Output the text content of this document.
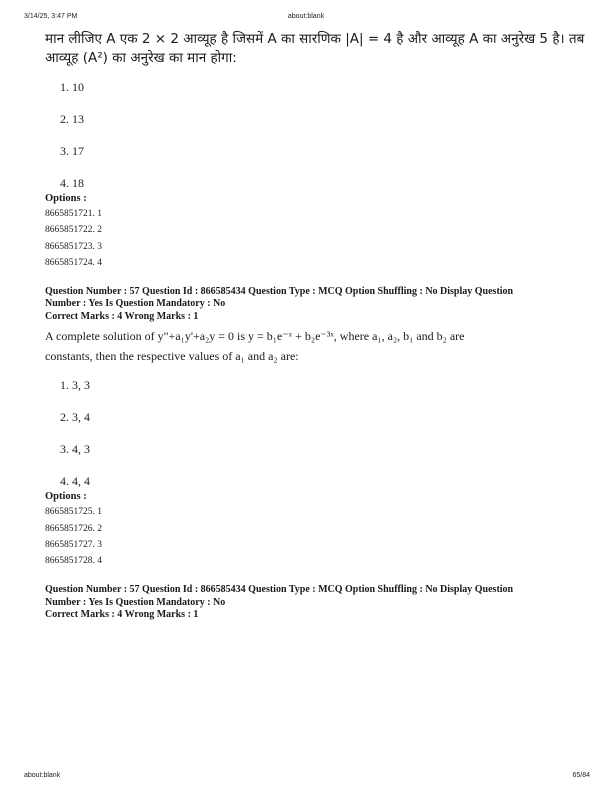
3/14/25, 3:47 PM	about:blank

मान लीजिए A एक 2 × 2 आव्यूह है जिसमें A का सारणिक |A| = 4 है और आव्यूह A का अनुरेख 5 है। तब

आव्यूह (A²) का अनुरेख का मान होगा:

1. 10
2. 13
3. 17
4. 18
Options :
8665851721. 1
8665851722. 2
8665851723. 3
8665851724. 4

Question Number : 57 Question Id : 866585434 Question Type : MCQ Option Shuffling : No Display Question

Number : Yes Is Question Mandatory : No

Correct Marks : 4 Wrong Marks : 1

A complete solution of y"+a₁y'+a₂y = 0 is y = b₁e⁻ˣ + b₂e⁻³ˣ, where a₁, a₂, b₁ and b₂ are

constants, then the respective values of a₁ and a₂ are:

1. 3, 3
2. 3, 4
3. 4, 3
4. 4, 4
Options :
8665851725. 1
8665851726. 2
8665851727. 3
8665851728. 4

Question Number : 57 Question Id : 866585434 Question Type : MCQ Option Shuffling : No Display Question

Number : Yes Is Question Mandatory : No

Correct Marks : 4 Wrong Marks : 1

about:blank	65/84
